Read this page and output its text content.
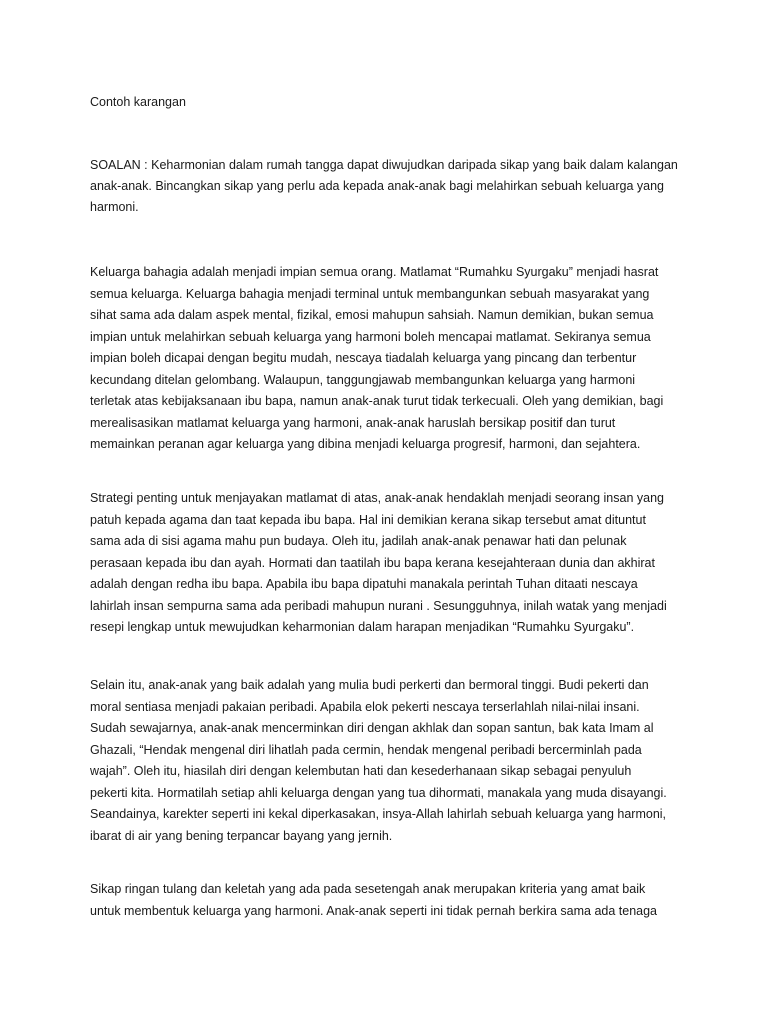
Contoh karangan

SOALAN : Keharmonian dalam rumah tangga dapat diwujudkan daripada sikap yang baik dalam kalangan
anak-anak. Bincangkan sikap yang perlu ada kepada anak-anak bagi melahirkan sebuah keluarga yang
harmoni.

Keluarga bahagia adalah menjadi impian semua orang. Matlamat “Rumahku Syurgaku” menjadi hasrat
semua keluarga. Keluarga bahagia menjadi terminal untuk membangunkan sebuah masyarakat yang
sihat sama ada dalam aspek mental, fizikal, emosi mahupun sahsiah. Namun demikian, bukan semua
impian untuk melahirkan sebuah keluarga yang harmoni boleh mencapai matlamat. Sekiranya semua
impian boleh dicapai dengan begitu mudah, nescaya tiadalah keluarga yang pincang dan terbentur
kecundang ditelan gelombang. Walaupun, tanggungjawab membangunkan keluarga yang harmoni
terletak atas kebijaksanaan ibu bapa, namun anak-anak turut tidak terkecuali. Oleh yang demikian, bagi
merealisasikan matlamat keluarga yang harmoni, anak-anak haruslah bersikap positif dan turut
memainkan peranan agar keluarga yang dibina menjadi keluarga progresif, harmoni, dan sejahtera.

Strategi penting untuk menjayakan matlamat di atas, anak-anak hendaklah menjadi seorang insan yang
patuh kepada agama dan taat kepada ibu bapa. Hal ini demikian kerana sikap tersebut amat dituntut
sama ada di sisi agama mahu pun budaya. Oleh itu, jadilah anak-anak penawar hati dan pelunak
perasaan kepada ibu dan ayah. Hormati dan taatilah ibu bapa kerana kesejahteraan dunia dan akhirat
adalah dengan redha ibu bapa. Apabila ibu bapa dipatuhi manakala perintah Tuhan ditaati nescaya
lahirlah insan sempurna sama ada peribadi mahupun nurani . Sesungguhnya, inilah watak yang menjadi
resepi lengkap untuk mewujudkan keharmonian dalam harapan menjadikan “Rumahku Syurgaku”.

Selain itu, anak-anak yang baik adalah yang mulia budi perkerti dan bermoral tinggi. Budi pekerti dan
moral sentiasa menjadi pakaian peribadi. Apabila elok pekerti nescaya terserlahlah nilai-nilai insani.
Sudah sewajarnya, anak-anak mencerminkan diri dengan akhlak dan sopan santun, bak kata Imam al
Ghazali, “Hendak mengenal diri lihatlah pada cermin, hendak mengenal peribadi bercerminlah pada
wajah”. Oleh itu, hiasilah diri dengan kelembutan hati dan kesederhanaan sikap sebagai penyuluh
pekerti kita. Hormatilah setiap ahli keluarga dengan yang tua dihormati, manakala yang muda disayangi.
Seandainya, karekter seperti ini kekal diperkasakan, insya-Allah lahirlah sebuah keluarga yang harmoni,
ibarat di air yang bening terpancar bayang yang jernih.

Sikap ringan tulang dan keletah yang ada pada sesetengah anak merupakan kriteria yang amat baik
untuk membentuk keluarga yang harmoni. Anak-anak seperti ini tidak pernah berkira sama ada tenaga
